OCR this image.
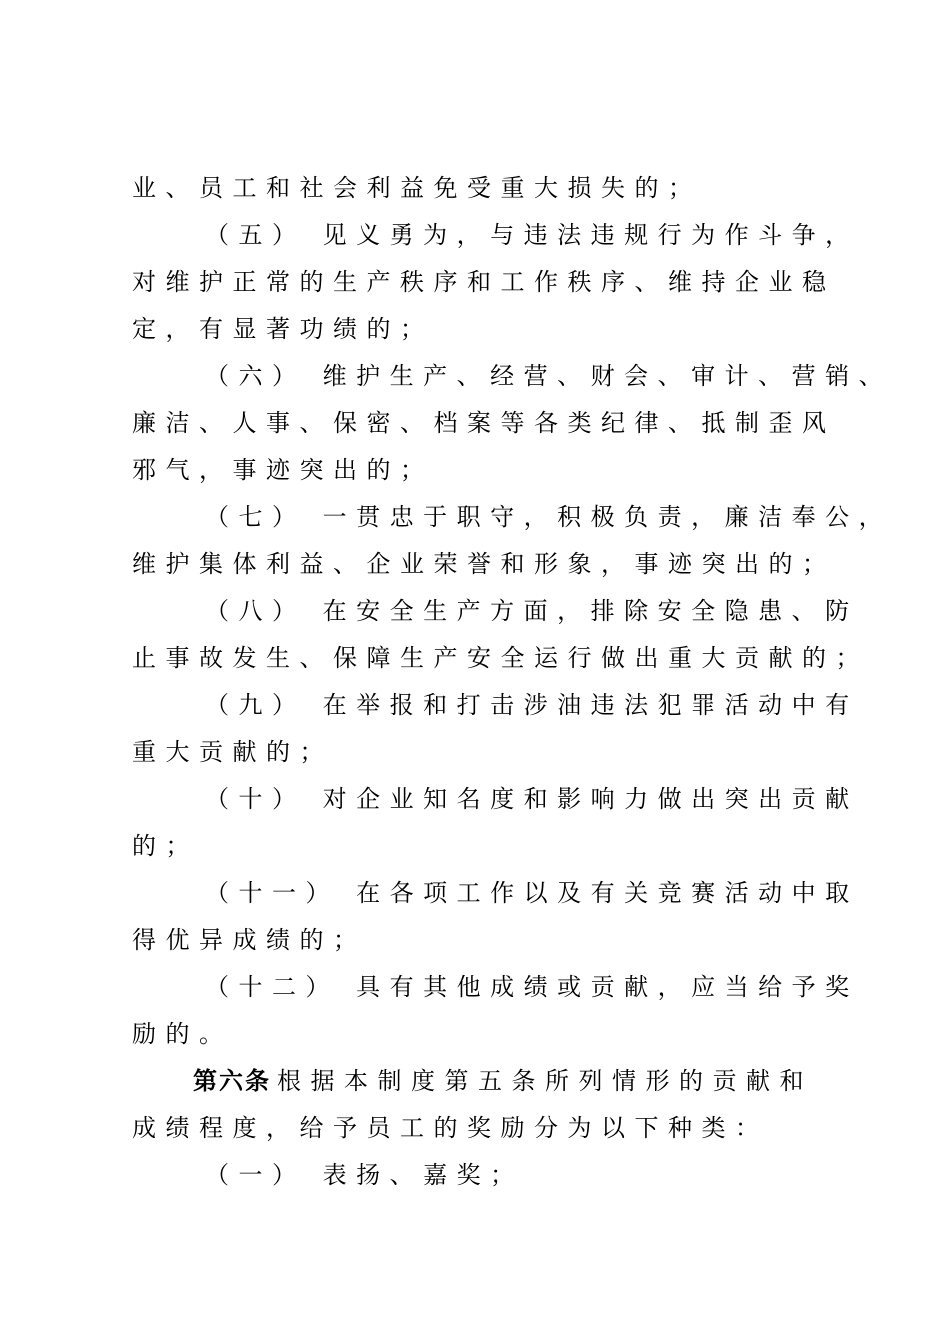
业、员工和社会利益免受重大损失的；
（五） 见义勇为，与违法违规行为作斗争，
对维护正常的生产秩序和工作秩序、维持企业稳
定，有显著功绩的；
（六） 维护生产、经营、财会、审计、营销、
廉洁、人事、保密、档案等各类纪律、抵制歪风
邪气，事迹突出的；
（七） 一贯忠于职守，积极负责，廉洁奉公，
维护集体利益、企业荣誉和形象，事迹突出的；
（八） 在安全生产方面，排除安全隐患、防
止事故发生、保障生产安全运行做出重大贡献的；
（九） 在举报和打击涉油违法犯罪活动中有
重大贡献的；
（十） 对企业知名度和影响力做出突出贡献
的；
（十一） 在各项工作以及有关竞赛活动中取
得优异成绩的；
（十二） 具有其他成绩或贡献，应当给予奖
励的。
第六条 根据本制度第五条所列情形的贡献和
成绩程度，给予员工的奖励分为以下种类：
（一） 表扬、嘉奖；
